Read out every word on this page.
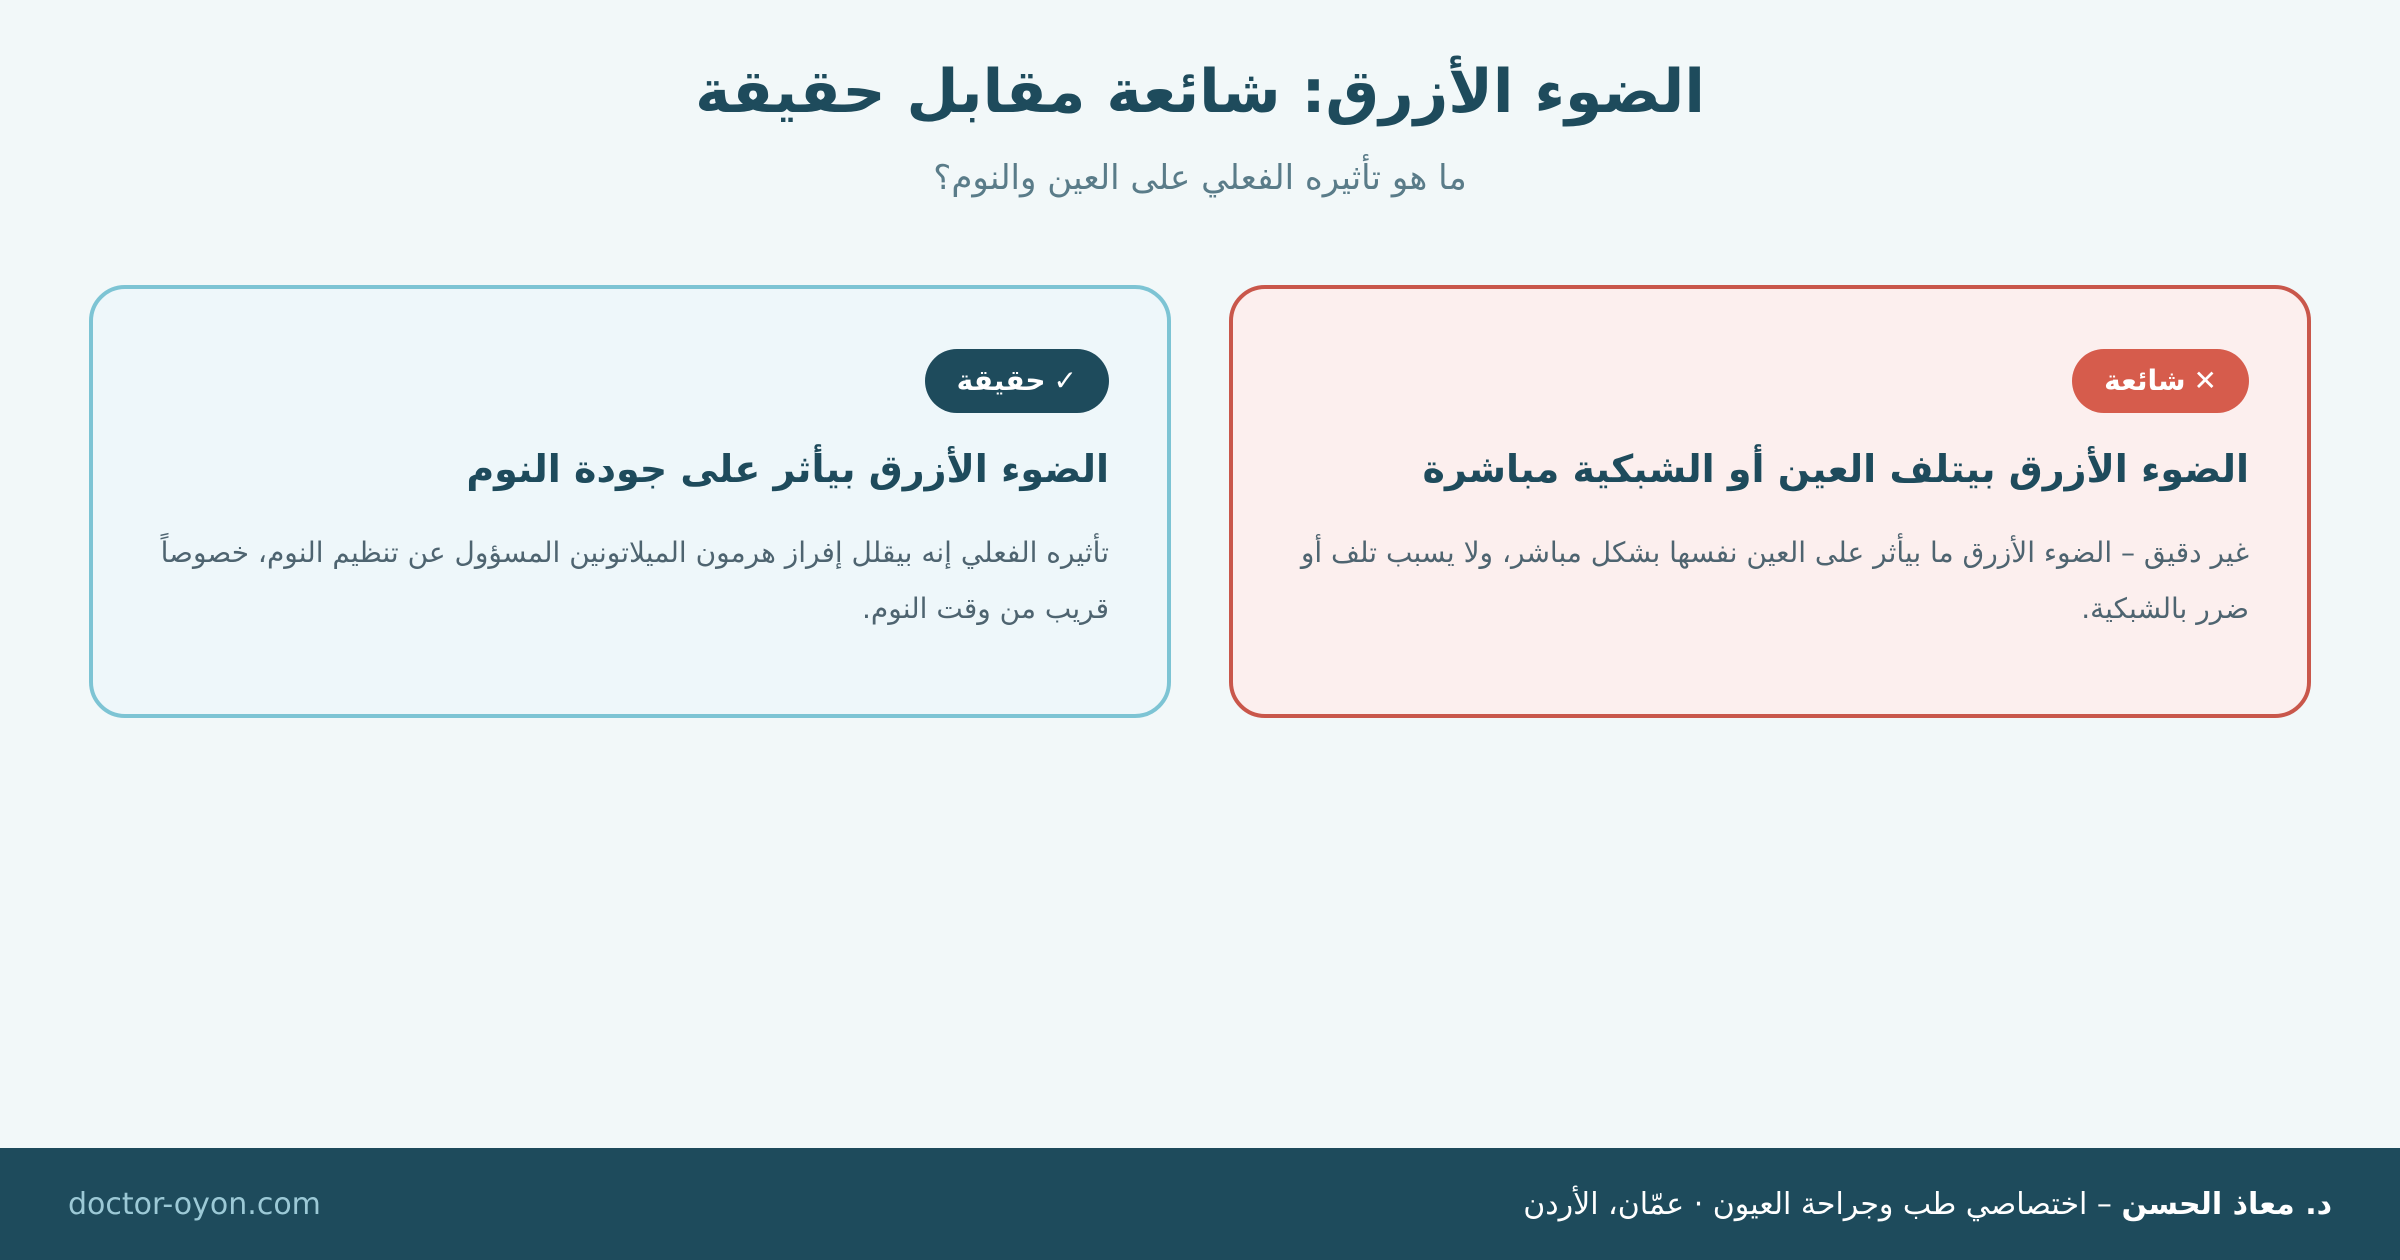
الضوء الأزرق: شائعة مقابل حقيقة

ما هو تأثيره الفعلي على العين والنوم؟

✕شائعة
الضوء الأزرق بيتلف العين أو الشبكية مباشرة

غير دقيق – الضوء الأزرق ما بيأثر على العين نفسها بشكل مباشر، ولا يسبب تلف أو ضرر بالشبكية.

✓حقيقة
الضوء الأزرق بيأثر على جودة النوم

تأثيره الفعلي إنه بيقلل إفراز هرمون الميلاتونين المسؤول عن تنظيم النوم، خصوصاً قريب من وقت النوم.

د. معاذ الحسن – اختصاصي طب وجراحة العيون · عمّان، الأردن
doctor-oyon.com
